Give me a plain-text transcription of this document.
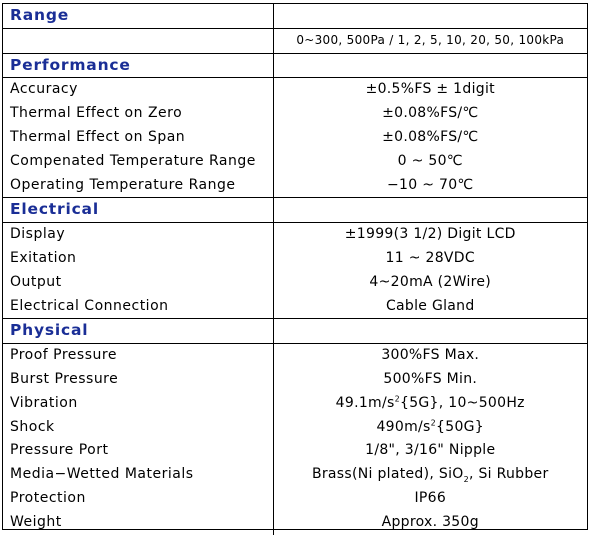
Range	
	0~300, 500Pa / 1, 2, 5, 10, 20, 50, 100kPa
Performance	
Accuracy	±0.5%FS ± 1digit
Thermal Effect on Zero	±0.08%FS/℃
Thermal Effect on Span	±0.08%FS/℃
Compenated Temperature Range	0 ~ 50℃
Operating Temperature Range	−10 ~ 70℃
Electrical	
Display	±1999(3 1/2) Digit LCD
Exitation	11 ~ 28VDC
Output	4~20mA (2Wire)
Electrical Connection	Cable Gland
Physical	
Proof Pressure	300%FS Max.
Burst Pressure	500%FS Min.
Vibration	$49.1m/s^2\{5G\}$, 10~500Hz
Shock	$490m/s^2\{50G\}$
Pressure Port	1/8", 3/16" Nipple
Media−Wetted Materials	Brass(Ni plated), SiO$_2$, Si Rubber
Protection	IP66
Weight	Approx. 350g
